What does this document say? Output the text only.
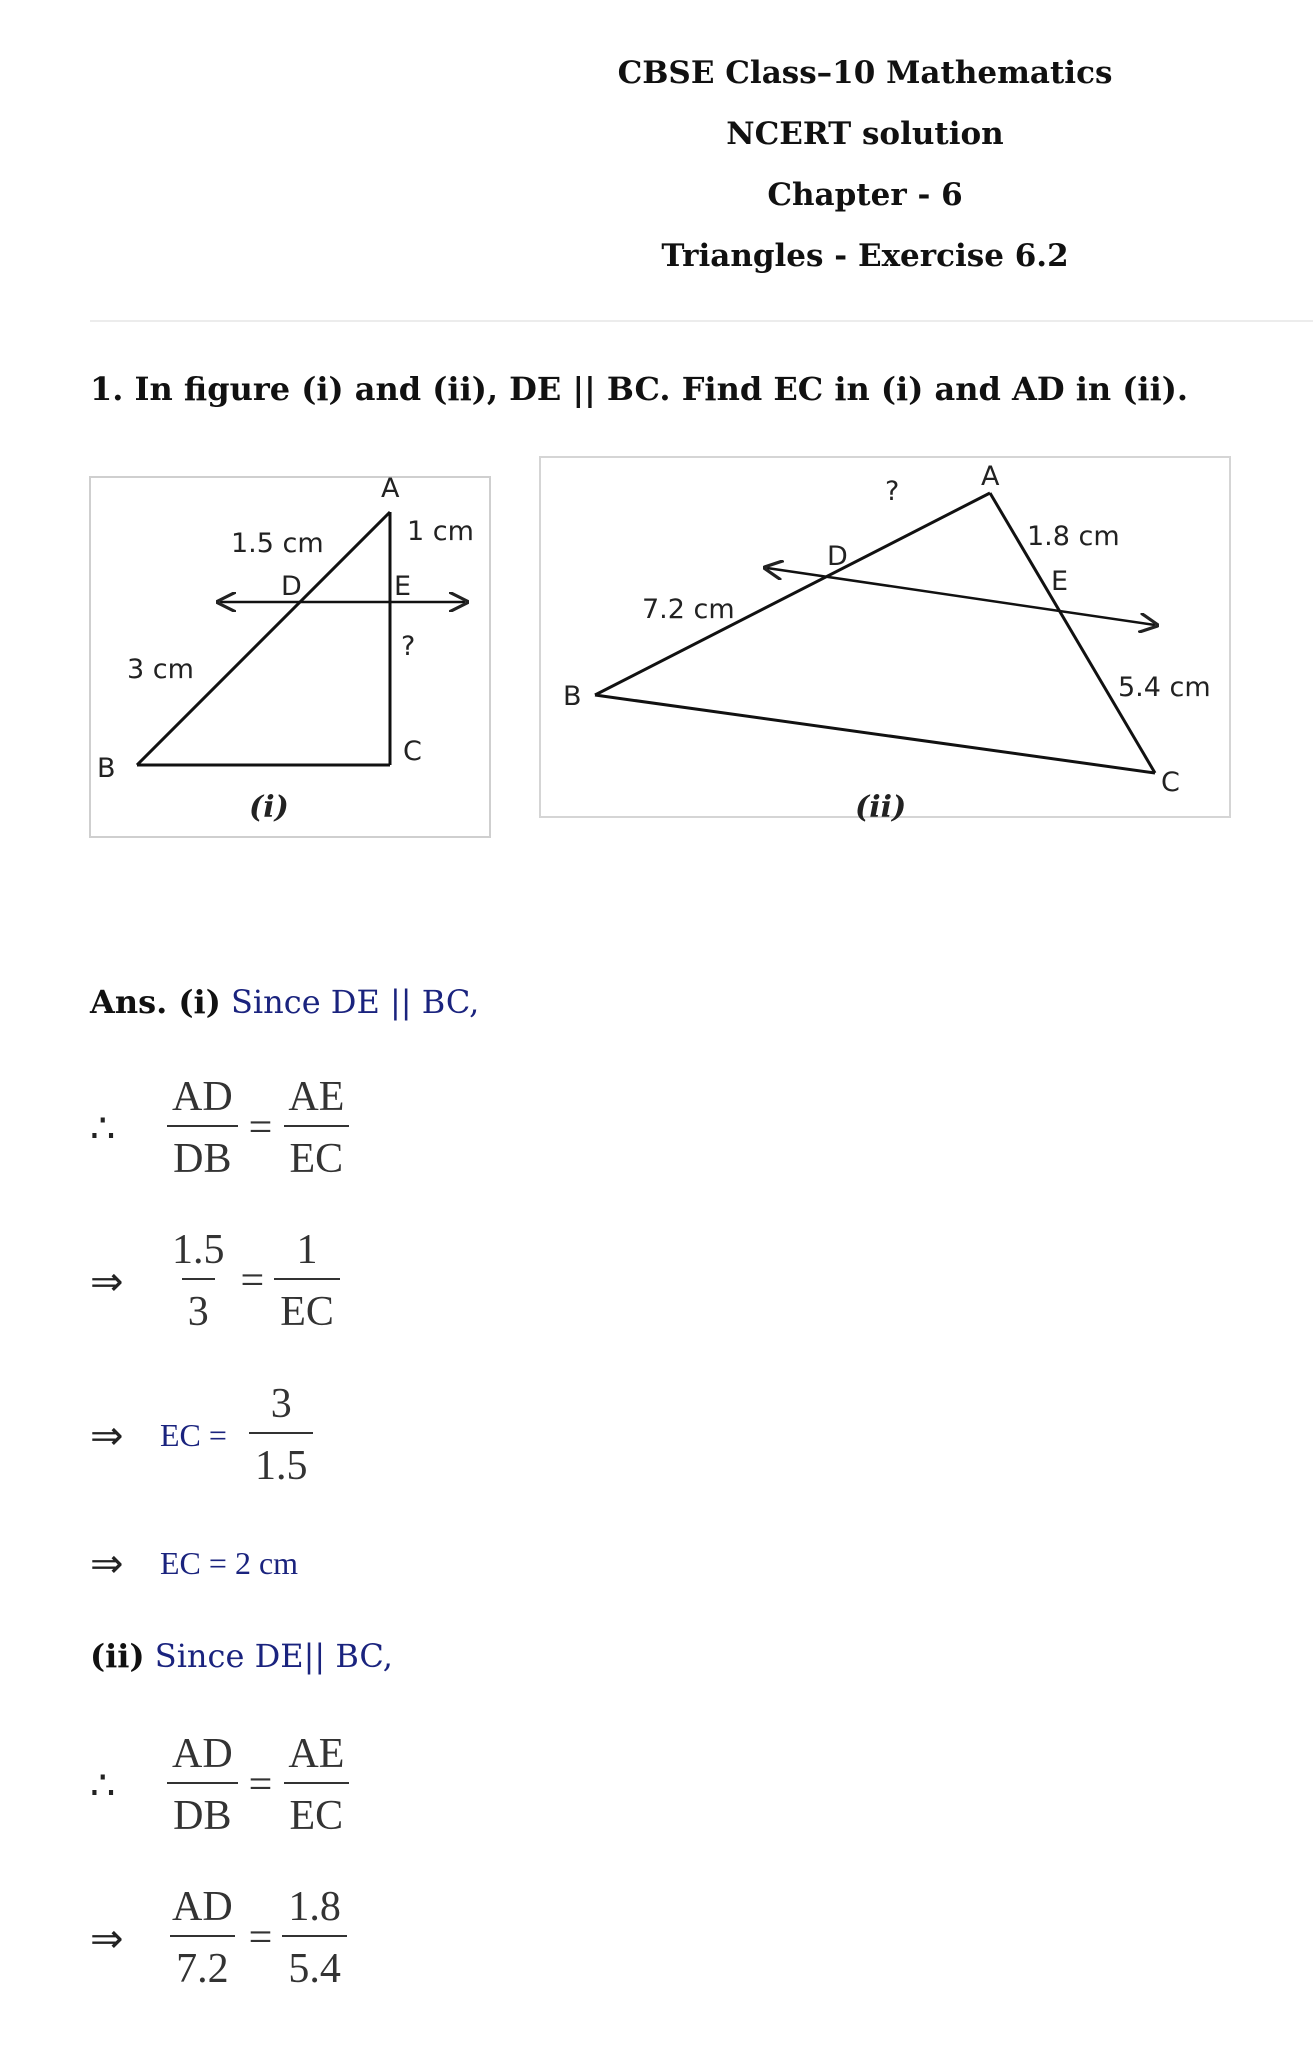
CBSE Class–10 Mathematics
NCERT solution
Chapter - 6
Triangles - Exercise 6.2
1. In figure (i) and (ii), DE || BC. Find EC in (i) and AD in (ii).
A
B
C
D	E
1.5 cm	1 cm
3 cm
?
(i)
A
B
C
D
E
?
1.8 cm
7.2 cm
5.4 cm
(ii)
Ans. (i) Since DE || BC,
∴	$\frac{AD}{DB} = \frac{AE}{EC}$
⇒ $\frac{1.5}{3} = \frac{1}{EC}$
⇒	EC = $\frac{3}{1.5}$
⇒	EC = 2 cm
(ii) Since DE|| BC,
∴	$\frac{AD}{DB} = \frac{AE}{EC}$
⇒ $\frac{AD}{7.2} = \frac{1.8}{5.4}$
